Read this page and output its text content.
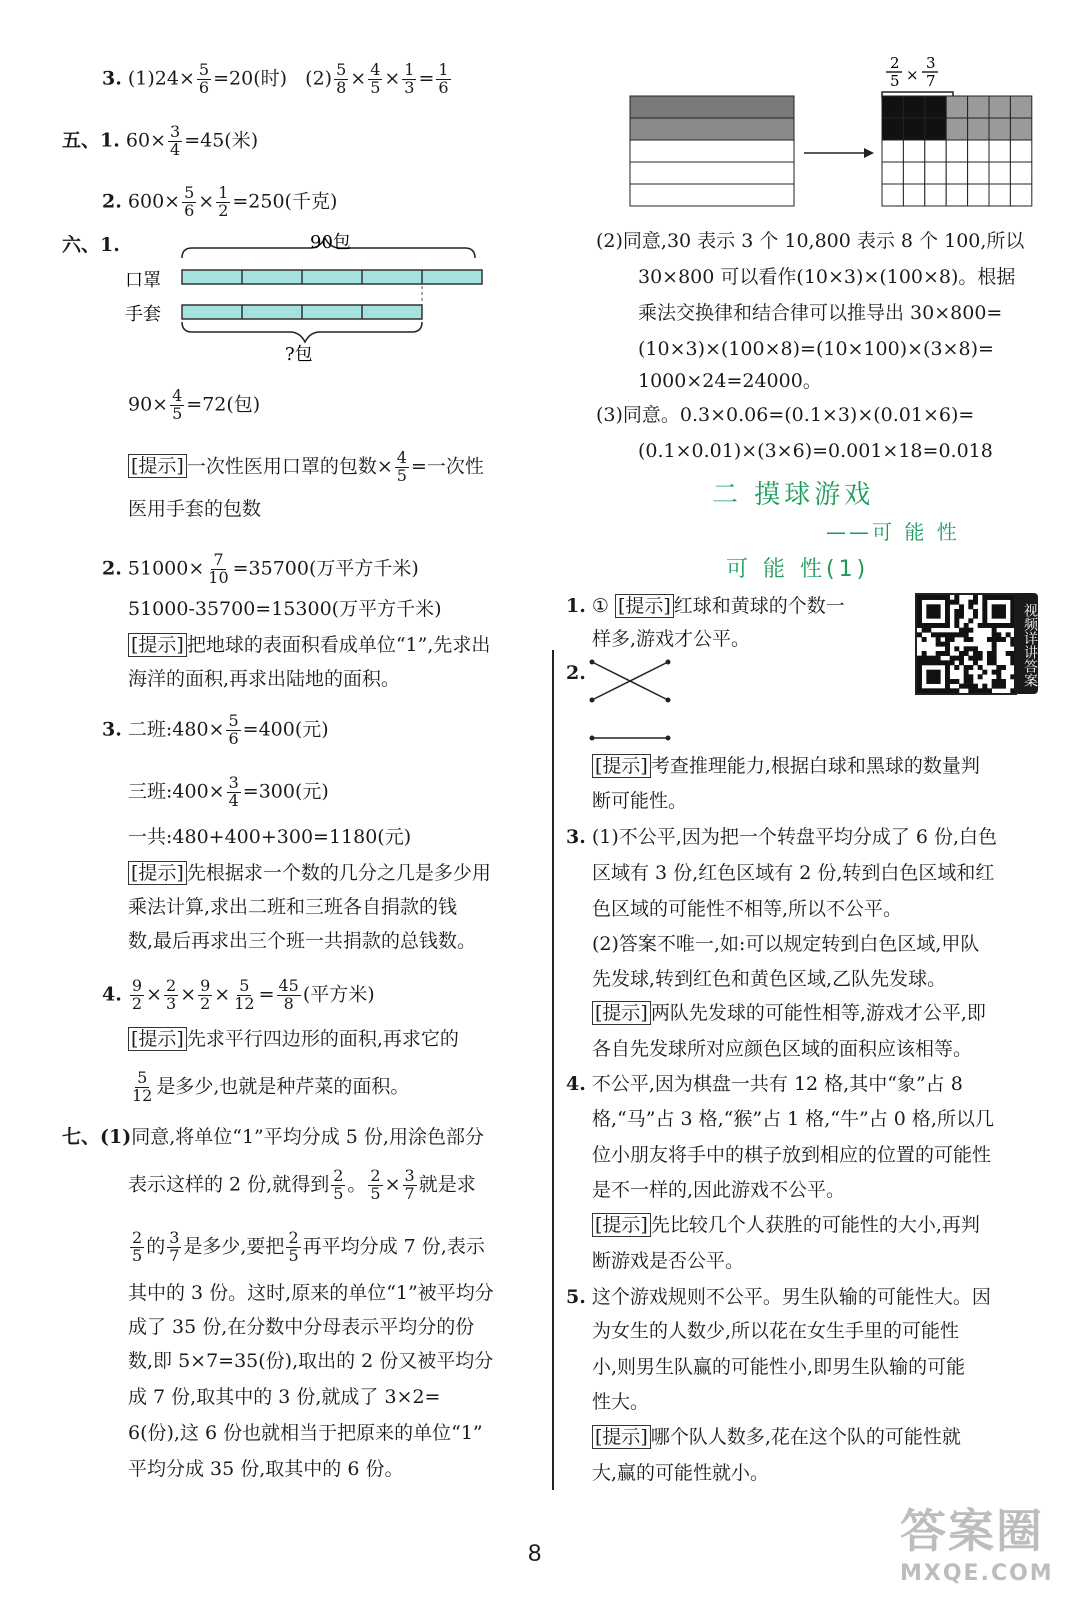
3. $(1)24\times \frac{5}{6} =20$(时) $(2) \frac{5}{8} \times \frac{4}{5} \times \frac{1}{3} = \frac{1}{6}$
五、1. $60\times \frac{3}{4} =45$(米)
2. $600\times \frac{5}{6} \times \frac{1}{2} =250$(千克)
六、1.	90包
口罩
手套
?包
$90\times \frac{4}{5} =72$(包)
[提示] 一次性医用口罩的包数× $\frac{4}{5}$ =一次性
医用手套的包数
2. $51000\times \frac{7}{10} =35700$(万平方千米)
51000-35700=15300(万平方千米)
[提示] 把地球的表面积看成单位“1”,先求出
海洋的面积,再求出陆地的面积。
3. 二班:480× $\frac{5}{6} =400$(元)
三班:400× $\frac{3}{4} =300$(元)
一共:480+400+300=1180(元)
[提示] 先根据求一个数的几分之几是多少用
乘法计算,求出二班和三班各自捐款的钱
数,最后再求出三个班一共捐款的总钱数。
4. $\frac{9}{2} \times \frac{2}{3} \times \frac{9}{2} \times \frac{5}{12} = \frac{45}{8}$ (平方米)
[提示] 先求平行四边形的面积,再求它的
$\frac{5}{12}$ 是多少,也就是种芹菜的面积。
七、(1)同意,将单位“1”平均分成 5 份,用涂色部分
表示这样的 2 份,就得到 $\frac{2}{5}$ 。 $\frac{2}{5} \times \frac{3}{7}$ 就是求
$\frac{2}{5}$ 的 $\frac{3}{7}$ 是多少,要把 $\frac{2}{5}$ 再平均分成 7 份,表示
其中的 3 份。这时,原来的单位“1”被平均分
成了 35 份,在分数中分母表示平均分的份
数,即 5×7=35(份),取出的 2 份又被平均分
成 7 份,取其中的 3 份,就成了 3×2=
6(份),这 6 份也就相当于把原来的单位“1”
平均分成 35 份,取其中的 6 份。
2
5 ×
3
7
(2)同意,30 表示 3 个 10,800 表示 8 个 100,所以
30×800 可以看作(10×3)×(100×8)。根据
乘法交换律和结合律可以推导出 30×800=
(10×3)×(100×8)=(10×100)×(3×8)=
1000×24=24000。
(3)同意。0.3×0.06=(0.1×3)×(0.01×6)=
(0.1×0.01)×(3×6)=0.001×18=0.018
二 摸球游戏
——可 能 性
可 能 性(1)
视频详讲答案
1. ① [提示] 红球和黄球的个数一
样多,游戏才公平。
2.
[提示] 考查推理能力,根据白球和黑球的数量判
断可能性。
3. (1)不公平,因为把一个转盘平均分成了 6 份,白色
区域有 3 份,红色区域有 2 份,转到白色区域和红
色区域的可能性不相等,所以不公平。
(2)答案不唯一,如:可以规定转到白色区域,甲队
先发球,转到红色和黄色区域,乙队先发球。
[提示] 两队先发球的可能性相等,游戏才公平,即
各自先发球所对应颜色区域的面积应该相等。
4. 不公平,因为棋盘一共有 12 格,其中“象”占 8
格,“马”占 3 格,“猴”占 1 格,“牛”占 0 格,所以几
位小朋友将手中的棋子放到相应的位置的可能性
是不一样的,因此游戏不公平。
[提示] 先比较几个人获胜的可能性的大小,再判
断游戏是否公平。
5. 这个游戏规则不公平。男生队输的可能性大。因
为女生的人数少,所以花在女生手里的可能性
小,则男生队赢的可能性小,即男生队输的可能
性大。
[提示] 哪个队人数多,花在这个队的可能性就
大,赢的可能性就小。
8	答案圈
MXQE.COM
